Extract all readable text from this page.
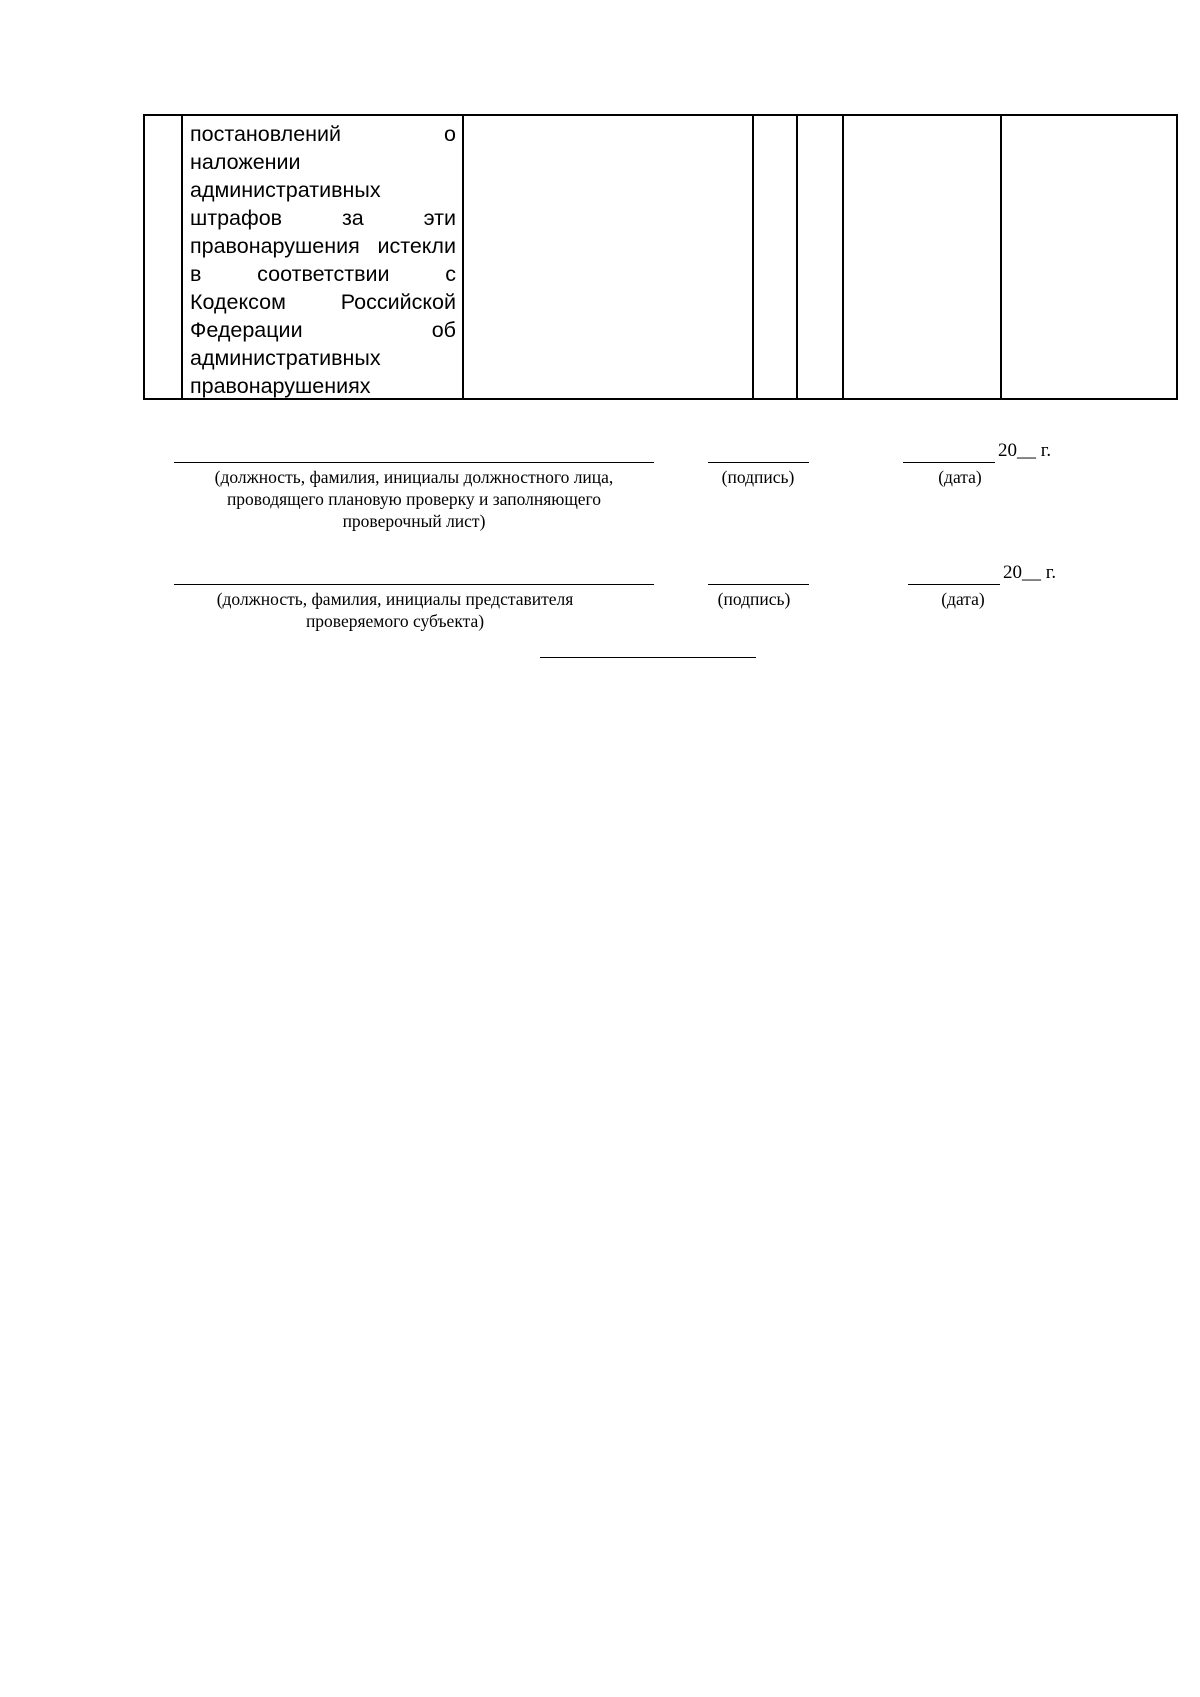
постановлений о
наложении
административных
штрафов за эти
правонарушения истекли
в соответствии с
Кодексом Российской
Федерации об
административных
правонарушениях

20__ г.
(должность, фамилия, инициалы должностного лица,
проводящего плановую проверку и заполняющего
проверочный лист)
(подпись)	(дата)
20__ г.
(должность, фамилия, инициалы представителя
проверяемого субъекта)
(подпись)	(дата)
